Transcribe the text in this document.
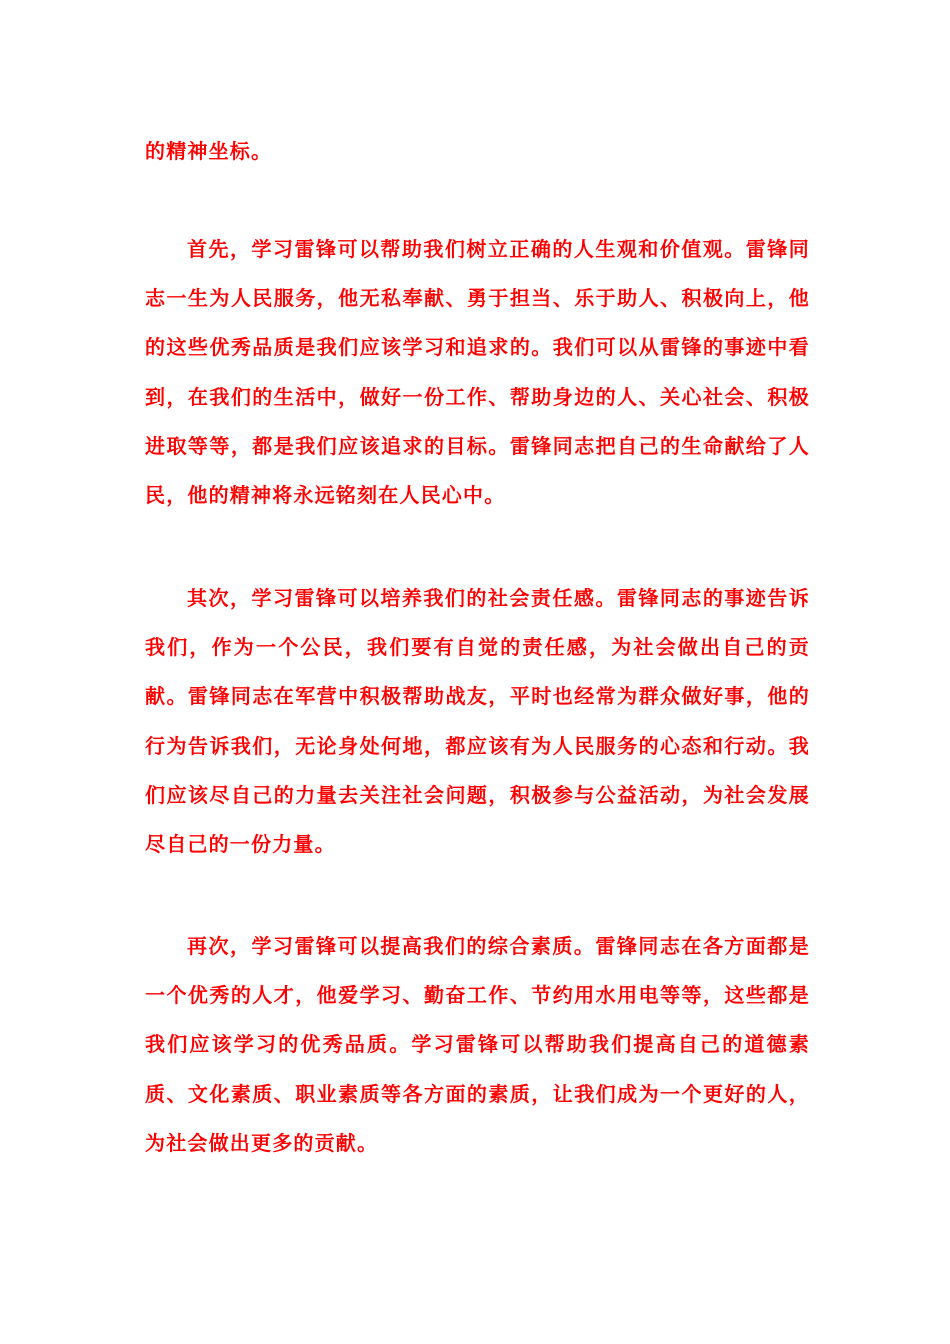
的精神坐标。

首先，学习雷锋可以帮助我们树立正确的人生观和价值观。雷锋同志一生为人民服务，他无私奉献、勇于担当、乐于助人、积极向上，他的这些优秀品质是我们应该学习和追求的。我们可以从雷锋的事迹中看到，在我们的生活中，做好一份工作、帮助身边的人、关心社会、积极进取等等，都是我们应该追求的目标。雷锋同志把自己的生命献给了人民，他的精神将永远铭刻在人民心中。

其次，学习雷锋可以培养我们的社会责任感。雷锋同志的事迹告诉我们，作为一个公民，我们要有自觉的责任感，为社会做出自己的贡献。雷锋同志在军营中积极帮助战友，平时也经常为群众做好事，他的行为告诉我们，无论身处何地，都应该有为人民服务的心态和行动。我们应该尽自己的力量去关注社会问题，积极参与公益活动，为社会发展尽自己的一份力量。

再次，学习雷锋可以提高我们的综合素质。雷锋同志在各方面都是一个优秀的人才，他爱学习、勤奋工作、节约用水用电等等，这些都是我们应该学习的优秀品质。学习雷锋可以帮助我们提高自己的道德素质、文化素质、职业素质等各方面的素质，让我们成为一个更好的人，为社会做出更多的贡献。
